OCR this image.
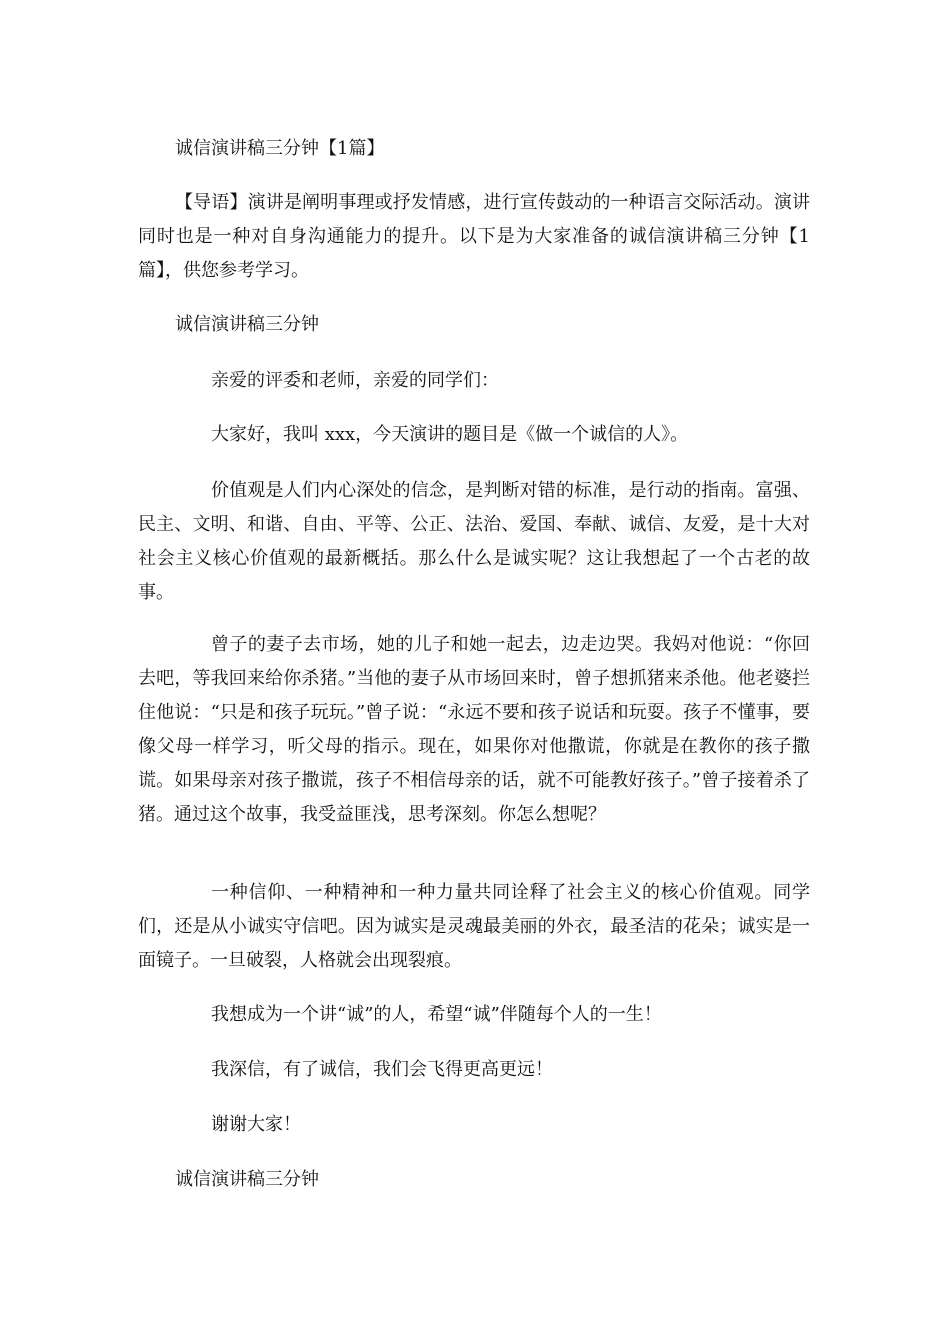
诚信演讲稿三分钟【1篇】

【导语】演讲是阐明事理或抒发情感，进行宣传鼓动的一种语言交际活动。演讲同时也是一种对自身沟通能力的提升。以下是为大家准备的诚信演讲稿三分钟【1篇】，供您参考学习。

诚信演讲稿三分钟

亲爱的评委和老师，亲爱的同学们：

大家好，我叫 xxx，今天演讲的题目是《做一个诚信的人》。

价值观是人们内心深处的信念，是判断对错的标准，是行动的指南。富强、民主、文明、和谐、自由、平等、公正、法治、爱国、奉献、诚信、友爱，是十大对社会主义核心价值观的最新概括。那么什么是诚实呢？这让我想起了一个古老的故事。

曾子的妻子去市场，她的儿子和她一起去，边走边哭。我妈对他说：“你回去吧，等我回来给你杀猪。”当他的妻子从市场回来时，曾子想抓猪来杀他。他老婆拦住他说：“只是和孩子玩玩。”曾子说：“永远不要和孩子说话和玩耍。孩子不懂事，要像父母一样学习，听父母的指示。现在，如果你对他撒谎，你就是在教你的孩子撒谎。如果母亲对孩子撒谎，孩子不相信母亲的话，就不可能教好孩子。”曾子接着杀了猪。通过这个故事，我受益匪浅，思考深刻。你怎么想呢？

一种信仰、一种精神和一种力量共同诠释了社会主义的核心价值观。同学们，还是从小诚实守信吧。因为诚实是灵魂最美丽的外衣，最圣洁的花朵；诚实是一面镜子。一旦破裂，人格就会出现裂痕。

我想成为一个讲“诚”的人，希望“诚”伴随每个人的一生！

我深信，有了诚信，我们会飞得更高更远！

谢谢大家！

诚信演讲稿三分钟
